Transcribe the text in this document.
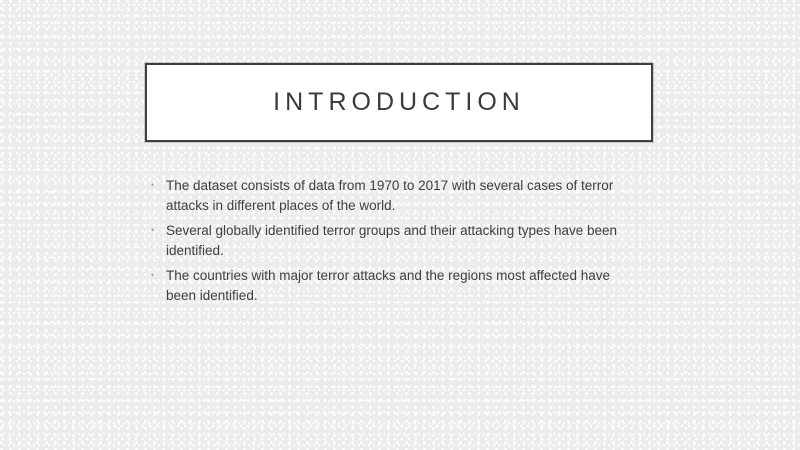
INTRODUCTION
• The dataset consists of data from 1970 to 2017 with several cases of terror attacks in different places of the world.

• Several globally identified terror groups and their attacking types have been identified.

• The countries with major terror attacks and the regions most affected have been identified.
